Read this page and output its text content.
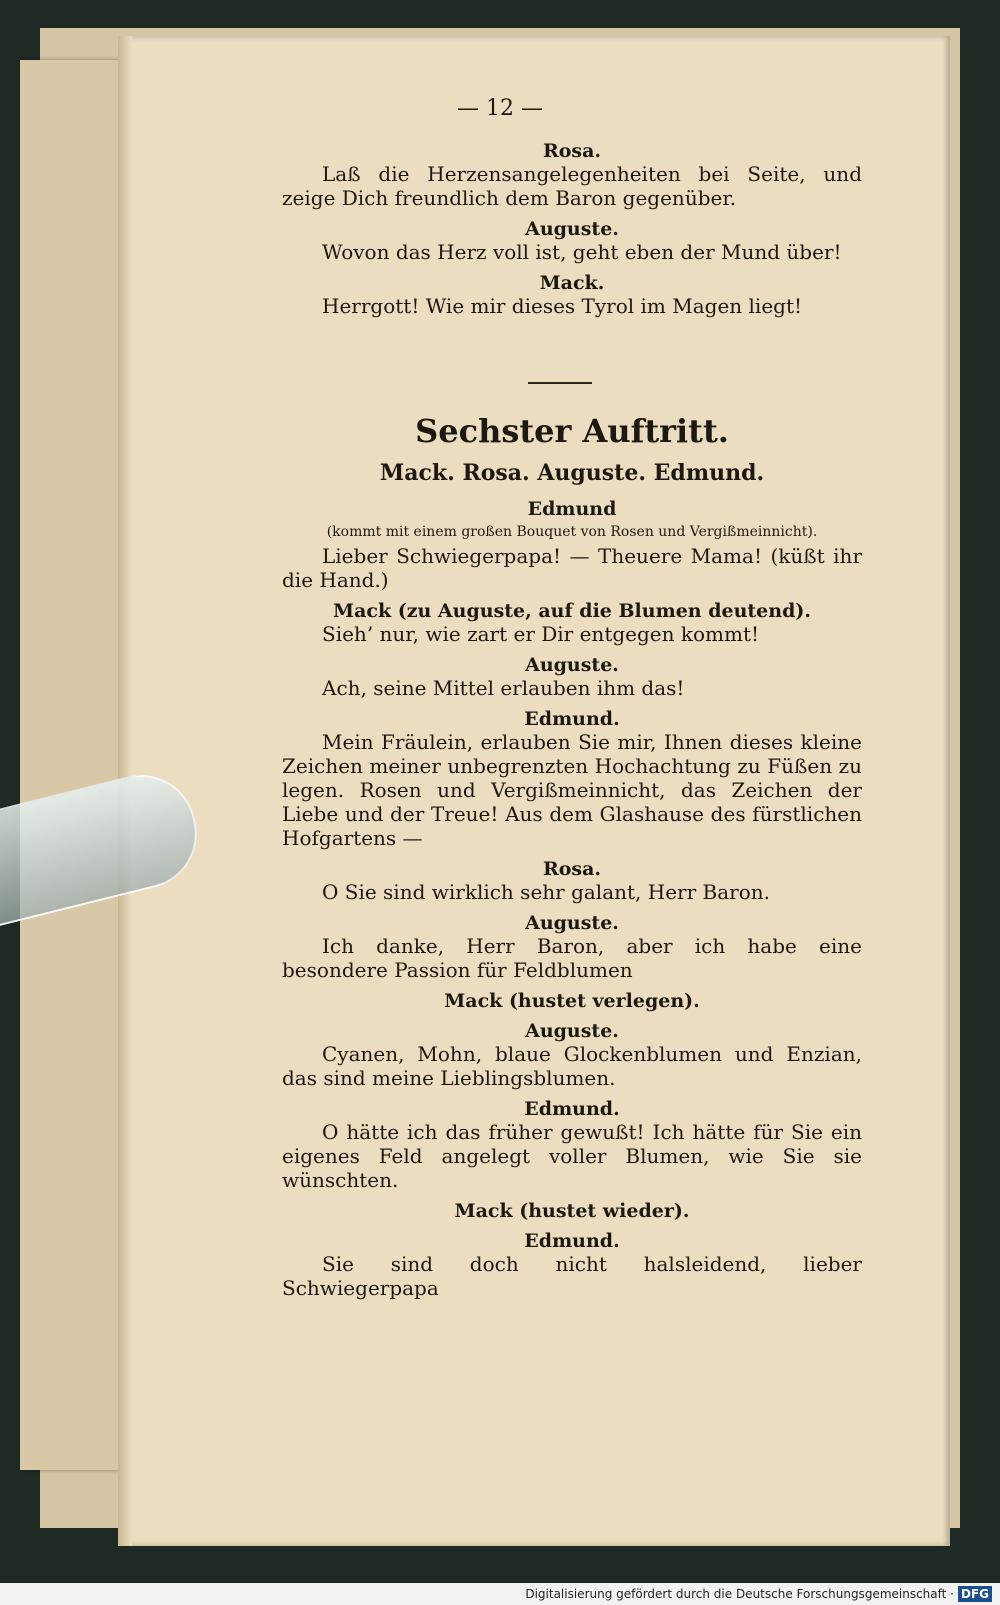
— 12 —

Rosa.

Laß die Herzensangelegenheiten bei Seite, und zeige Dich freundlich dem Baron gegenüber.

Auguste.

Wovon das Herz voll ist, geht eben der Mund über!

Mack.

Herrgott! Wie mir dieses Tyrol im Magen liegt!

Sechster Auftritt.

Mack. Rosa. Auguste. Edmund.

Edmund

(kommt mit einem großen Bouquet von Rosen und Vergißmeinnicht).

Lieber Schwiegerpapa! — Theuere Mama! (küßt ihr die Hand.)

Mack (zu Auguste, auf die Blumen deutend).

Sieh’ nur, wie zart er Dir entgegen kommt!

Auguste.

Ach, seine Mittel erlauben ihm das!

Edmund.

Mein Fräulein, erlauben Sie mir, Ihnen dieses kleine Zeichen meiner unbegrenzten Hochachtung zu Füßen zu legen. Rosen und Vergißmeinnicht, das Zeichen der Liebe und der Treue! Aus dem Glashause des fürstlichen Hofgartens —

Rosa.

O Sie sind wirklich sehr galant, Herr Baron.

Auguste.

Ich danke, Herr Baron, aber ich habe eine besondere Passion für Feldblumen

Mack (hustet verlegen).

Auguste.

Cyanen, Mohn, blaue Glockenblumen und Enzian, das sind meine Lieblingsblumen.

Edmund.

O hätte ich das früher gewußt! Ich hätte für Sie ein eigenes Feld angelegt voller Blumen, wie Sie sie wünschten.

Mack (hustet wieder).

Edmund.

Sie sind doch nicht halsleidend, lieber Schwiegerpapa

Digitalisierung gefördert durch die Deutsche Forschungsgemeinschaft · DFG
